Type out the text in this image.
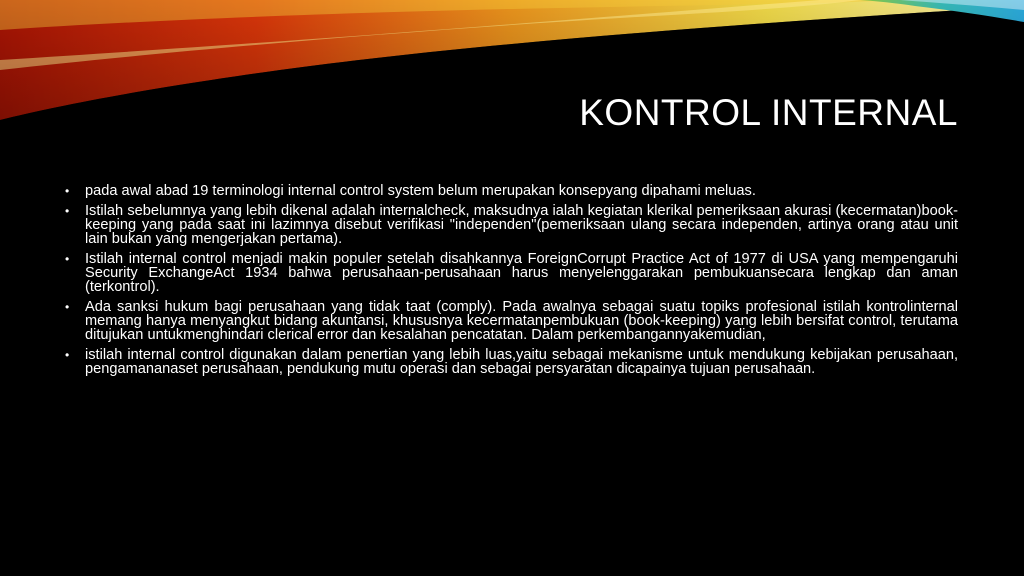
KONTROL INTERNAL
• pada awal abad 19 terminologi internal control system belum merupakan konsepyang dipahami meluas.
• Istilah sebelumnya yang lebih dikenal adalah internalcheck, maksudnya ialah kegiatan klerikal pemeriksaan akurasi (kecermatan)book-keeping yang pada saat ini lazimnya disebut verifikasi "independen"(pemeriksaan ulang secara independen, artinya orang atau unit lain bukan yang mengerjakan pertama).
• Istilah internal control menjadi makin populer setelah disahkannya ForeignCorrupt Practice Act of 1977 di USA yang mempengaruhi Security ExchangeAct 1934 bahwa perusahaan-perusahaan harus menyelenggarakan pembukuansecara lengkap dan aman (terkontrol).
• Ada sanksi hukum bagi perusahaan yang tidak taat (comply). Pada awalnya sebagai suatu topiks profesional istilah kontrolinternal memang hanya menyangkut bidang akuntansi, khususnya kecermatanpembukuan (book-keeping) yang lebih bersifat control, terutama ditujukan untukmenghindari clerical error dan kesalahan pencatatan. Dalam perkembangannyakemudian,
• istilah internal control digunakan dalam penertian yang lebih luas,yaitu sebagai mekanisme untuk mendukung kebijakan perusahaan, pengamananaset perusahaan, pendukung mutu operasi dan sebagai persyaratan dicapainya tujuan perusahaan.
